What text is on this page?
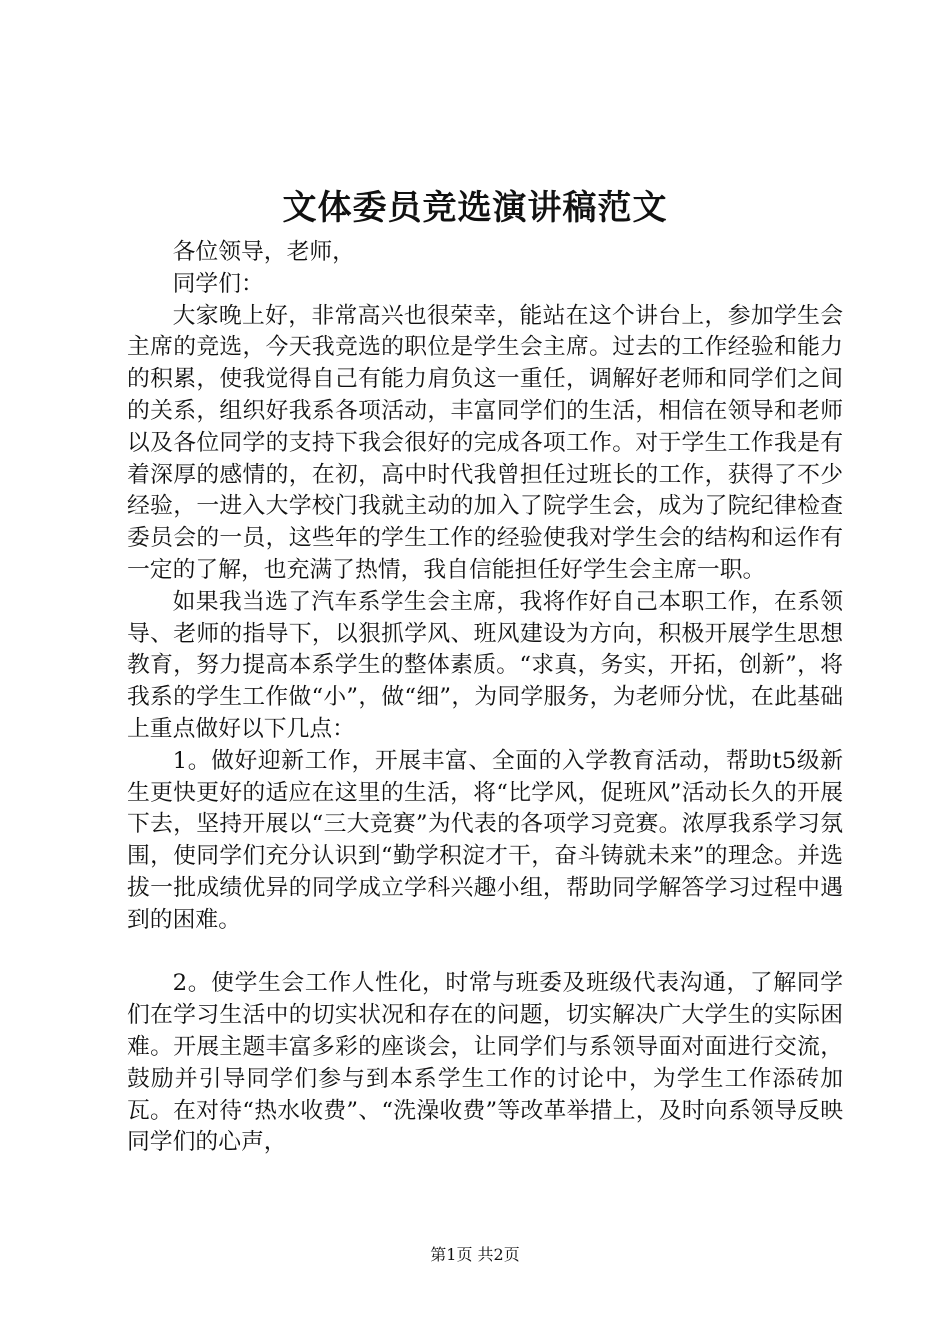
文体委员竞选演讲稿范文

各位领导，老师，

同学们：

大家晚上好，非常高兴也很荣幸，能站在这个讲台上，参加学生会主席的竞选，今天我竞选的职位是学生会主席。过去的工作经验和能力的积累，使我觉得自己有能力肩负这一重任，调解好老师和同学们之间的关系，组织好我系各项活动，丰富同学们的生活，相信在领导和老师以及各位同学的支持下我会很好的完成各项工作。对于学生工作我是有着深厚的感情的，在初，高中时代我曾担任过班长的工作，获得了不少经验，一进入大学校门我就主动的加入了院学生会，成为了院纪律检查委员会的一员，这些年的学生工作的经验使我对学生会的结构和运作有一定的了解，也充满了热情，我自信能担任好学生会主席一职。

如果我当选了汽车系学生会主席，我将作好自己本职工作，在系领导、老师的指导下，以狠抓学风、班风建设为方向，积极开展学生思想教育，努力提高本系学生的整体素质。“求真，务实，开拓，创新”，将我系的学生工作做“小”，做“细”，为同学服务，为老师分忧，在此基础上重点做好以下几点：

1。做好迎新工作，开展丰富、全面的入学教育活动，帮助t5级新生更快更好的适应在这里的生活，将“比学风，促班风”活动长久的开展下去，坚持开展以“三大竞赛”为代表的各项学习竞赛。浓厚我系学习氛围，使同学们充分认识到“勤学积淀才干，奋斗铸就未来”的理念。并选拔一批成绩优异的同学成立学科兴趣小组，帮助同学解答学习过程中遇到的困难。

2。使学生会工作人性化，时常与班委及班级代表沟通，了解同学们在学习生活中的切实状况和存在的问题，切实解决广大学生的实际困难。开展主题丰富多彩的座谈会，让同学们与系领导面对面进行交流，鼓励并引导同学们参与到本系学生工作的讨论中，为学生工作添砖加瓦。在对待“热水收费”、“洗澡收费”等改革举措上，及时向系领导反映同学们的心声，

第1页 共2页
